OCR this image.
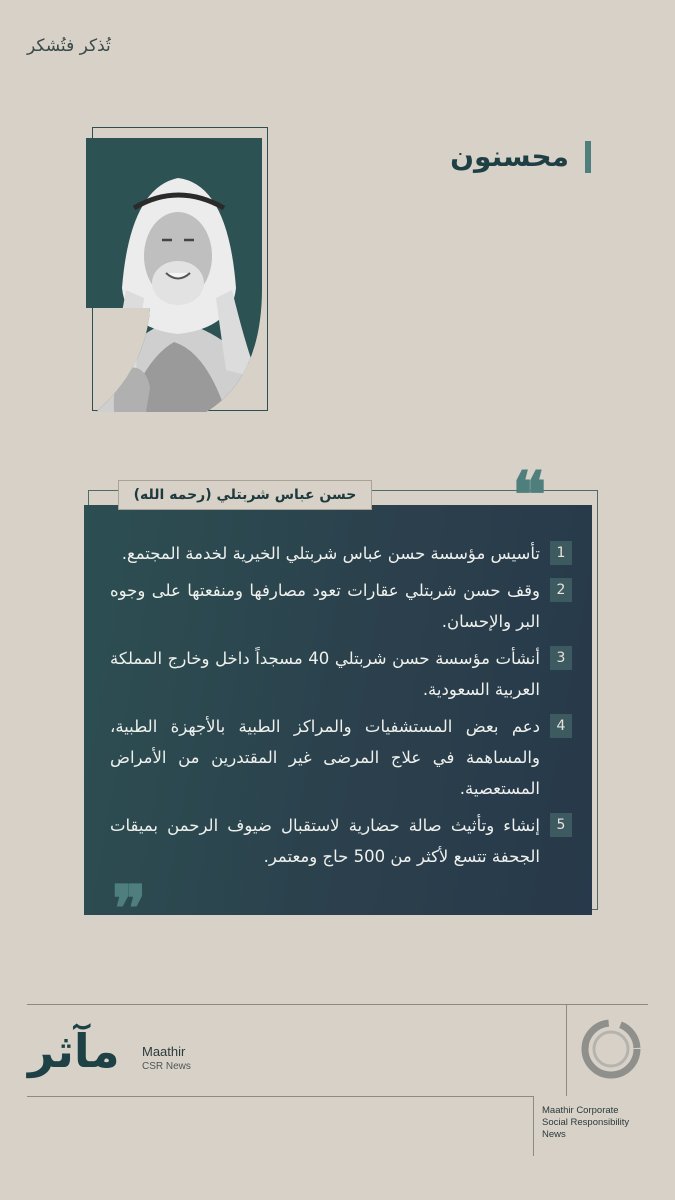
تُذكر فتُشكر
محسنون
❝
❞
حسن عباس شربتلي (رحمه الله)
1
تأسيس مؤسسة حسن عباس شربتلي الخيرية لخدمة المجتمع.
2
وقف حسن شربتلي عقارات تعود مصارفها ومنفعتها على وجوه البر والإحسان.
3
أنشأت مؤسسة حسن شربتلي 40 مسجداً داخل وخارج المملكة العربية السعودية.
4
دعم بعض المستشفيات والمراكز الطبية بالأجهزة الطبية، والمساهمة في علاج المرضى غير المقتدرين من الأمراض المستعصية.
5
إنشاء وتأثيث صالة حضارية لاستقبال ضيوف الرحمن بميقات الجحفة تتسع لأكثر من 500 حاج ومعتمر.
مآثر Maathir
CSR News
Maathir Corporate
Social Responsibility
News
